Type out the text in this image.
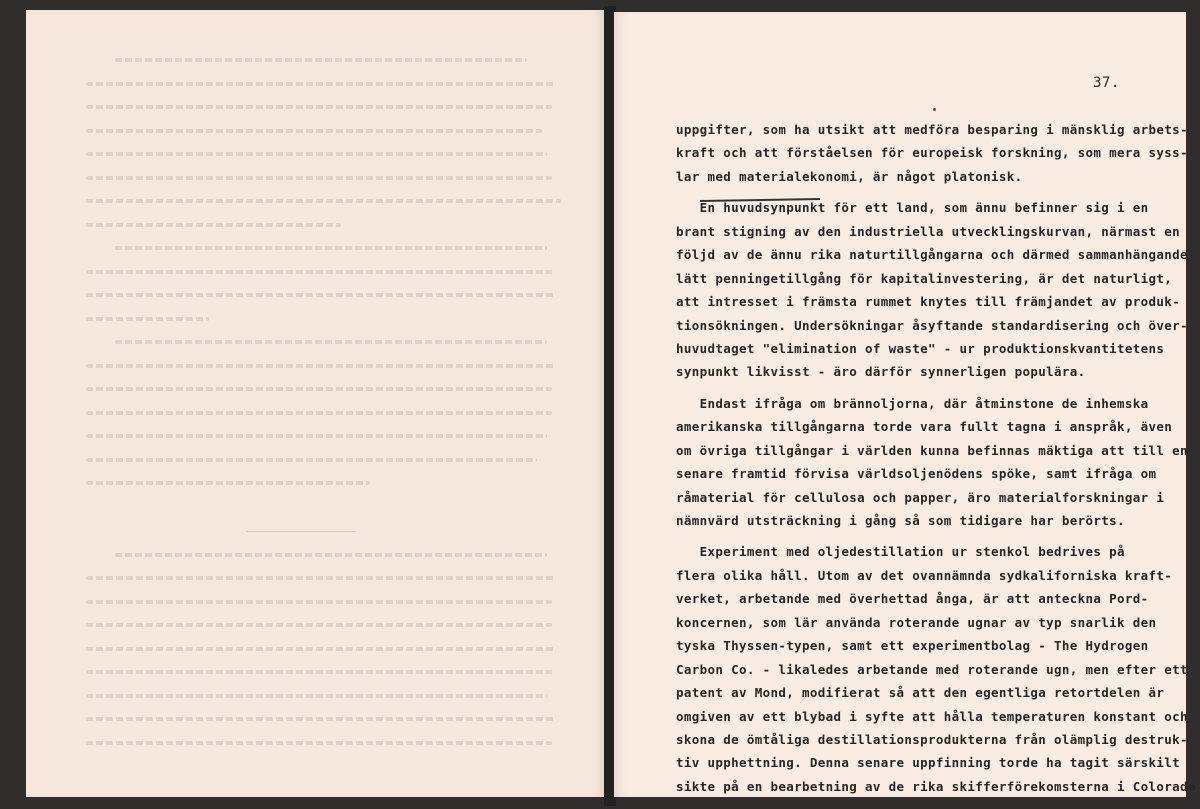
37.
uppgifter, som ha utsikt att medföra besparing i mänsklig arbets-
kraft och att förståelsen för europeisk forskning, som mera syss-
lar med materialekonomi, är något platonisk.
En huvudsynpunkt för ett land, som ännu befinner sig i en
brant stigning av den industriella utvecklingskurvan, närmast en
följd av de ännu rika naturtillgångarna och därmed sammanhängande
lätt penningetillgång för kapitalinvestering, är det naturligt,
att intresset i främsta rummet knytes till främjandet av produk-
tionsökningen. Undersökningar åsyftande standardisering och över-
huvudtaget "elimination of waste" - ur produktionskvantitetens
synpunkt likvisst - äro därför synnerligen populära.
Endast ifråga om brännoljorna, där åtminstone de inhemska
amerikanska tillgångarna torde vara fullt tagna i anspråk, även
om övriga tillgångar i världen kunna befinnas mäktiga att till en
senare framtid förvisa världsoljenödens spöke, samt ifråga om
råmaterial för cellulosa och papper, äro materialforskningar i
nämnvärd utsträckning i gång så som tidigare har berörts.
Experiment med oljedestillation ur stenkol bedrives på
flera olika håll. Utom av det ovannämnda sydkaliforniska kraft-
verket, arbetande med överhettad ånga, är att anteckna Pord-
koncernen, som lär använda roterande ugnar av typ snarlik den
tyska Thyssen-typen, samt ett experimentbolag - The Hydrogen
Carbon Co. - likaledes arbetande med roterande ugn, men efter ett
patent av Mond, modifierat så att den egentliga retortdelen är
omgiven av ett blybad i syfte att hålla temperaturen konstant och
skona de ömtåliga destillationsprodukterna från olämplig destruk-
tiv upphettning. Denna senare uppfinning torde ha tagit särskilt
sikte på en bearbetning av de rika skifferförekomsterna i Colorado
